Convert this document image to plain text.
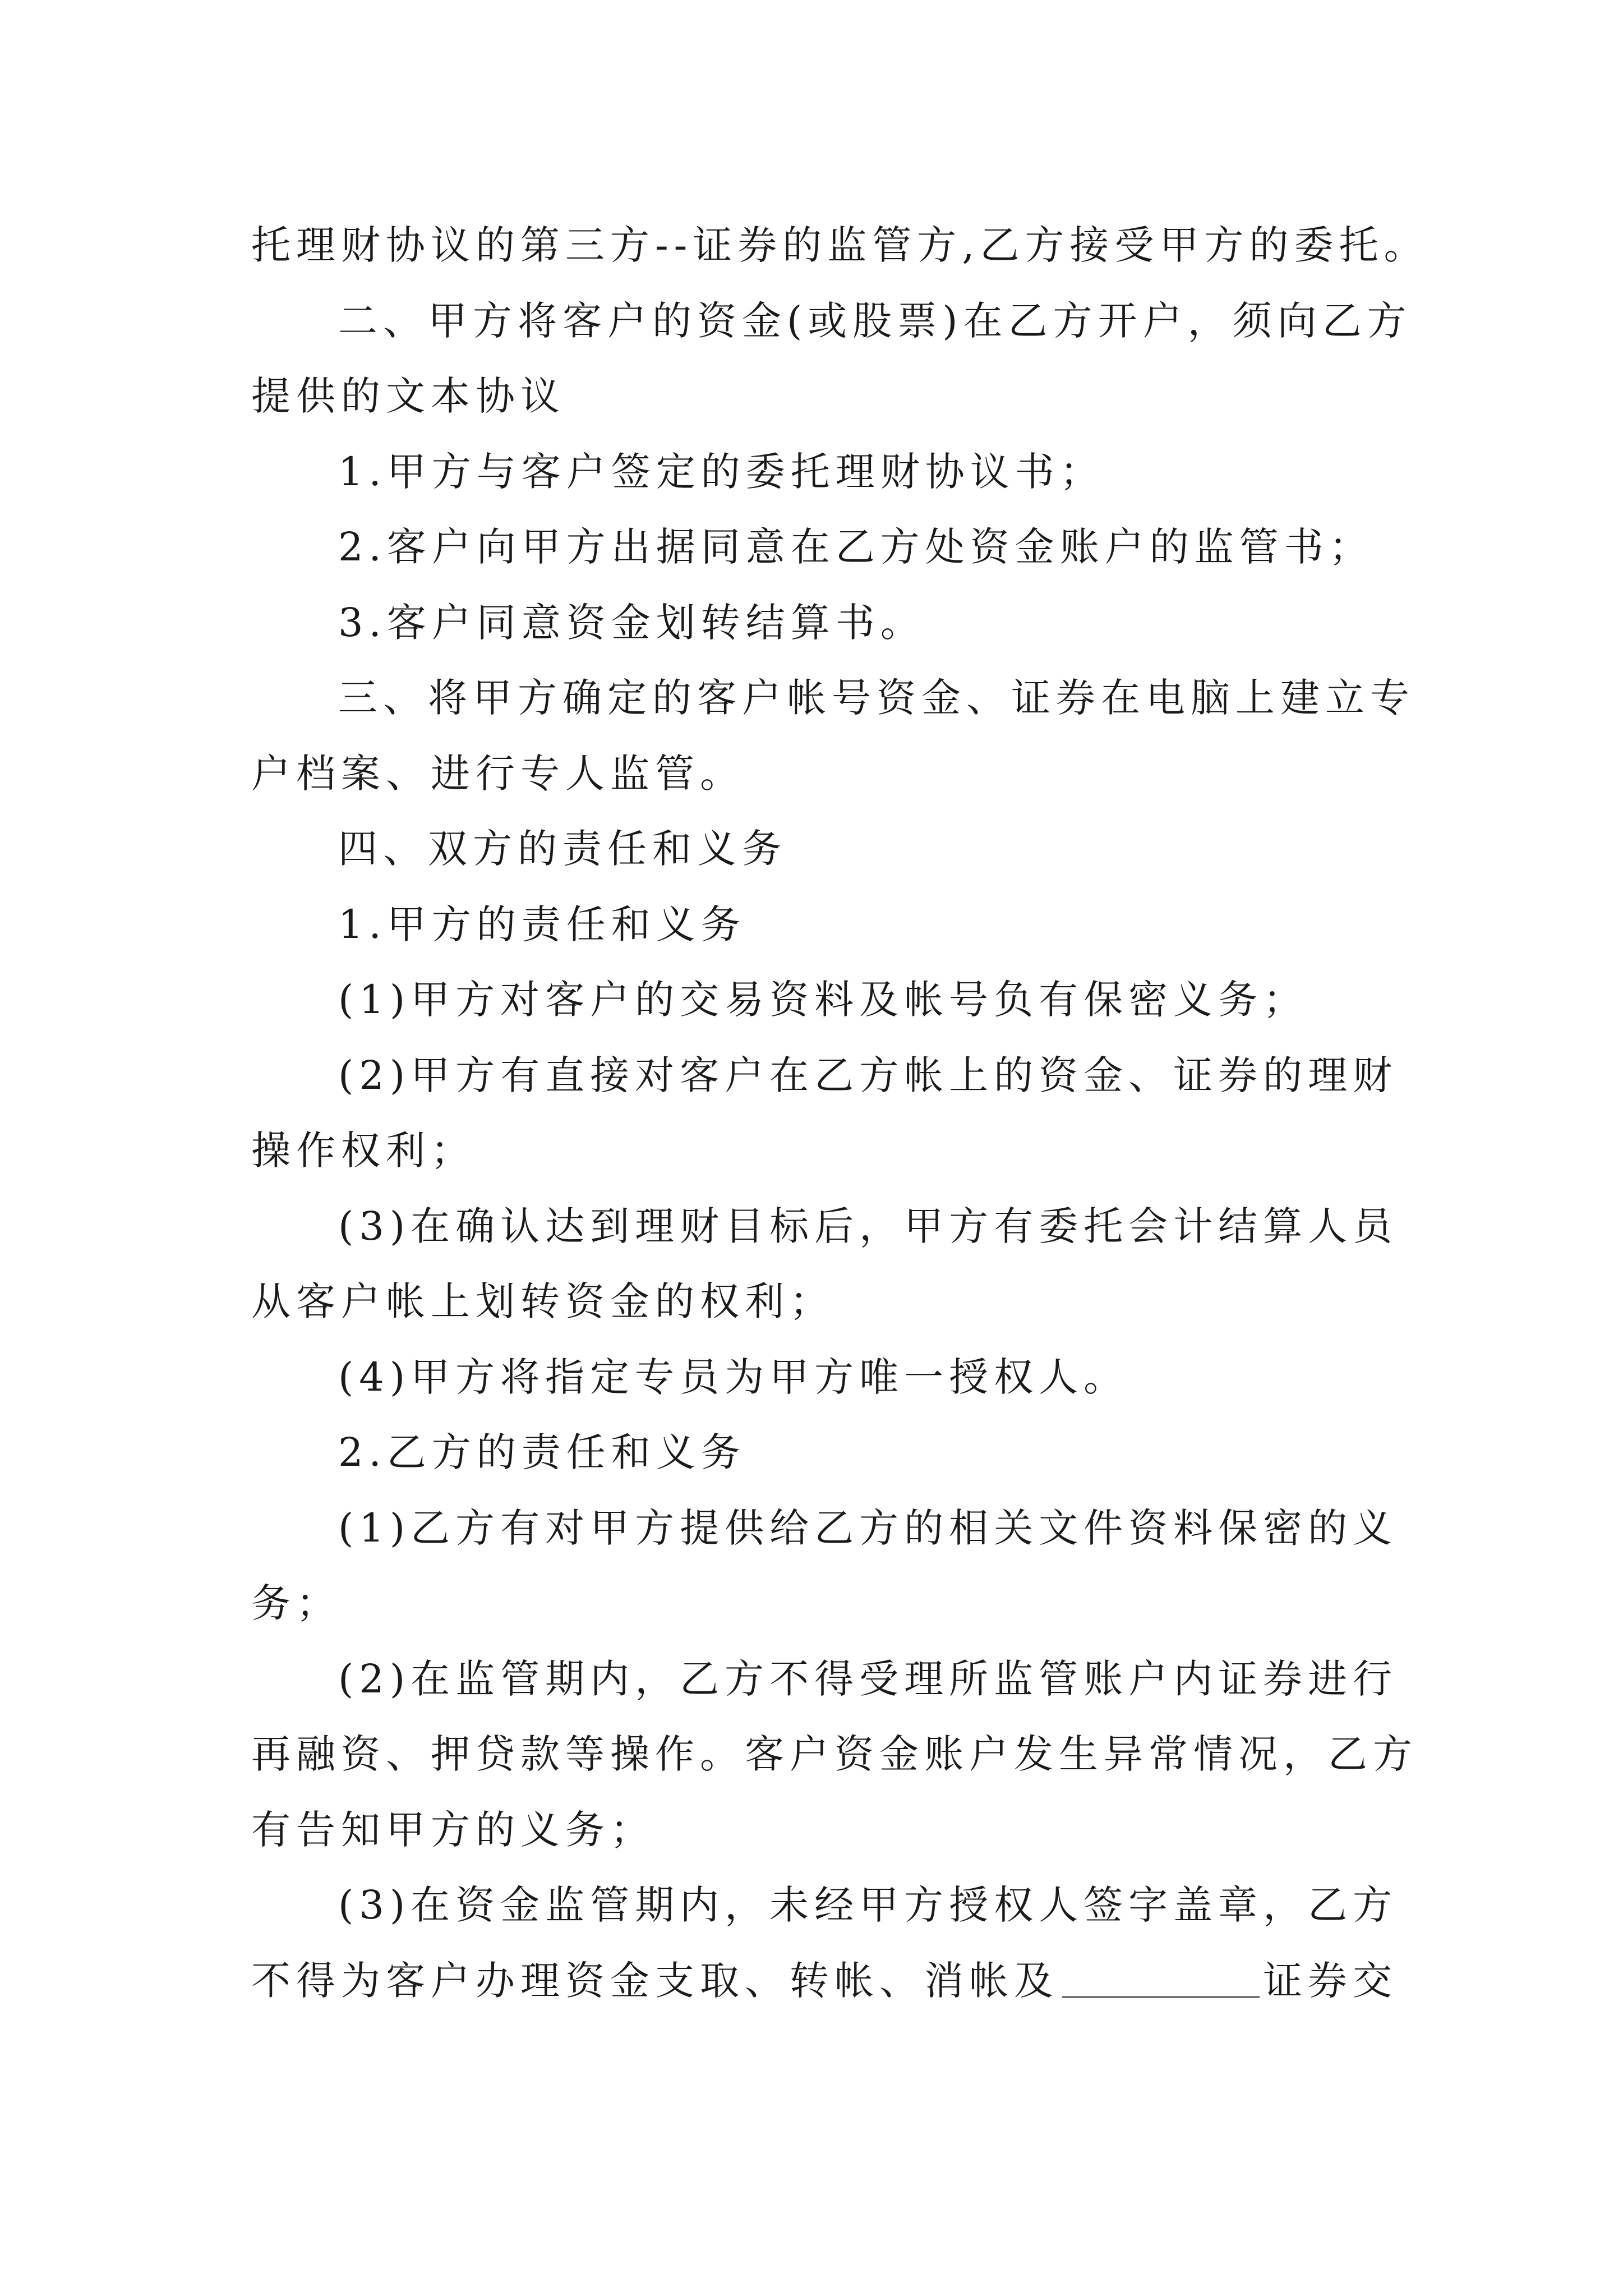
托理财协议的第三方--证券的监管方,乙方接受甲方的委托。
二、甲方将客户的资金(或股票)在乙方开户，须向乙方
提供的文本协议
1.甲方与客户签定的委托理财协议书；
2.客户向甲方出据同意在乙方处资金账户的监管书；
3.客户同意资金划转结算书。
三、将甲方确定的客户帐号资金、证券在电脑上建立专
户档案、进行专人监管。
四、双方的责任和义务
1.甲方的责任和义务
(1)甲方对客户的交易资料及帐号负有保密义务；
(2)甲方有直接对客户在乙方帐上的资金、证券的理财
操作权利；
(3)在确认达到理财目标后，甲方有委托会计结算人员
从客户帐上划转资金的权利；
(4)甲方将指定专员为甲方唯一授权人。
2.乙方的责任和义务
(1)乙方有对甲方提供给乙方的相关文件资料保密的义
务；
(2)在监管期内，乙方不得受理所监管账户内证券进行
再融资、押贷款等操作。客户资金账户发生异常情况，乙方
有告知甲方的义务；
(3)在资金监管期内，未经甲方授权人签字盖章，乙方
不得为客户办理资金支取、转帐、消帐及	证券交
